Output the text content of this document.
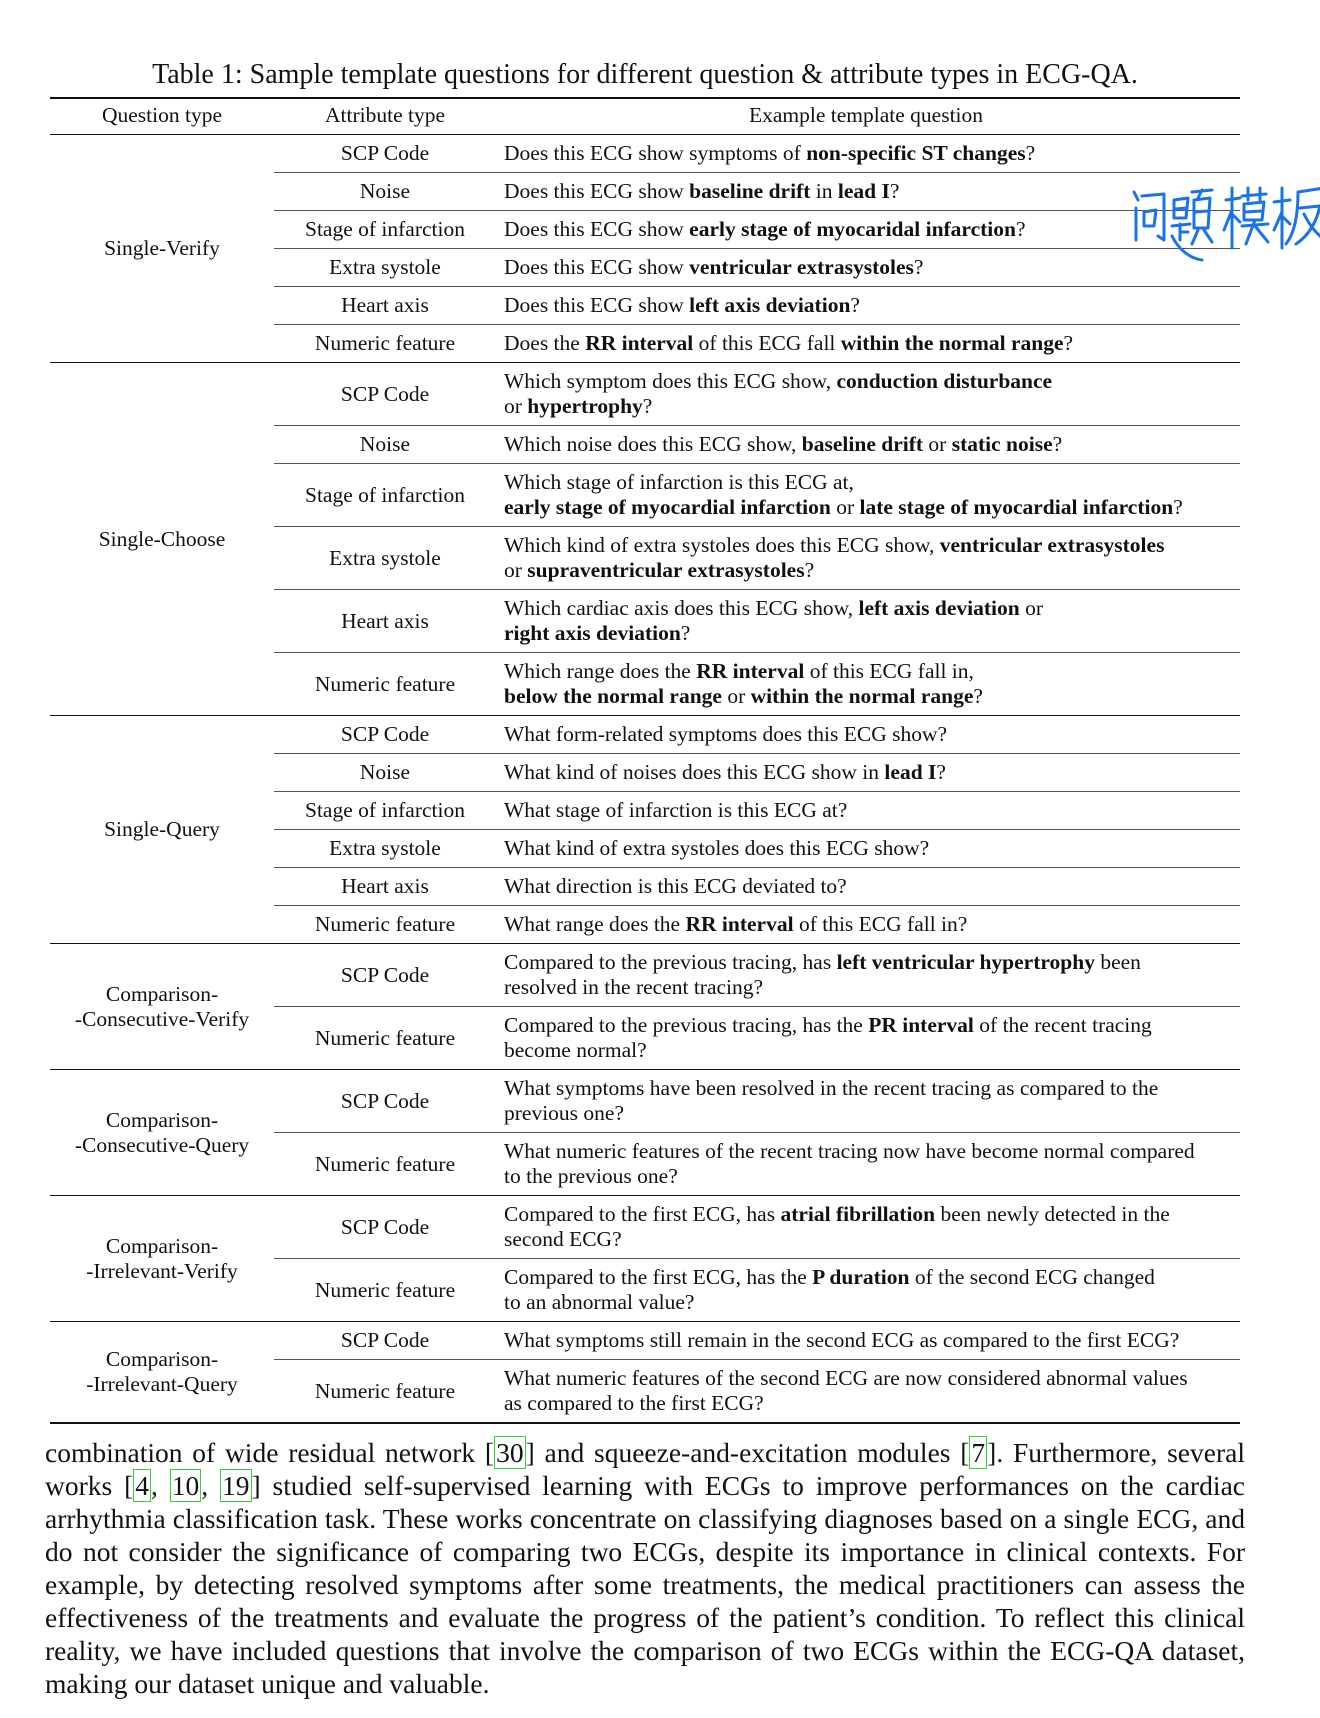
Table 1: Sample template questions for different question & attribute types in ECG-QA.
Question type	Attribute type	Example template question
Single-Verify	SCP Code	Does this ECG show symptoms of non-specific ST changes?
	Noise	Does this ECG show baseline drift in lead I?
	Stage of infarction	Does this ECG show early stage of myocaridal infarction?
	Extra systole	Does this ECG show ventricular extrasystoles?
	Heart axis	Does this ECG show left axis deviation?
	Numeric feature	Does the RR interval of this ECG fall within the normal range?
Single-Choose	SCP Code	Which symptom does this ECG show, conduction disturbance
or hypertrophy?
	Noise	Which noise does this ECG show, baseline drift or static noise?
	Stage of infarction	Which stage of infarction is this ECG at,
early stage of myocardial infarction or late stage of myocardial infarction?
	Extra systole	Which kind of extra systoles does this ECG show, ventricular extrasystoles
or supraventricular extrasystoles?
	Heart axis	Which cardiac axis does this ECG show, left axis deviation or
right axis deviation?
	Numeric feature	Which range does the RR interval of this ECG fall in,
below the normal range or within the normal range?
Single-Query	SCP Code	What form-related symptoms does this ECG show?
	Noise	What kind of noises does this ECG show in lead I?
	Stage of infarction	What stage of infarction is this ECG at?
	Extra systole	What kind of extra systoles does this ECG show?
	Heart axis	What direction is this ECG deviated to?
	Numeric feature	What range does the RR interval of this ECG fall in?
Comparison-
-Consecutive-Verify	SCP Code	Compared to the previous tracing, has left ventricular hypertrophy been
resolved in the recent tracing?
	Numeric feature	Compared to the previous tracing, has the PR interval of the recent tracing
become normal?
Comparison-
-Consecutive-Query	SCP Code	What symptoms have been resolved in the recent tracing as compared to the
previous one?
	Numeric feature	What numeric features of the recent tracing now have become normal compared
to the previous one?
Comparison-
-Irrelevant-Verify	SCP Code	Compared to the first ECG, has atrial fibrillation been newly detected in the
second ECG?
	Numeric feature	Compared to the first ECG, has the P duration of the second ECG changed
to an abnormal value?
Comparison-
-Irrelevant-Query	SCP Code	What symptoms still remain in the second ECG as compared to the first ECG?
	Numeric feature	What numeric features of the second ECG are now considered abnormal values
as compared to the first ECG?
combination of wide residual network [30] and squeeze-and-excitation modules [7]. Furthermore, several works [4, 10, 19] studied self-supervised learning with ECGs to improve performances on the cardiac arrhythmia classification task. These works concentrate on classifying diagnoses based on a single ECG, and do not consider the significance of comparing two ECGs, despite its importance in clinical contexts. For example, by detecting resolved symptoms after some treatments, the medical practitioners can assess the effectiveness of the treatments and evaluate the progress of the patient’s condition. To reflect this clinical reality, we have included questions that involve the comparison of two ECGs within the ECG-QA dataset, making our dataset unique and valuable.
